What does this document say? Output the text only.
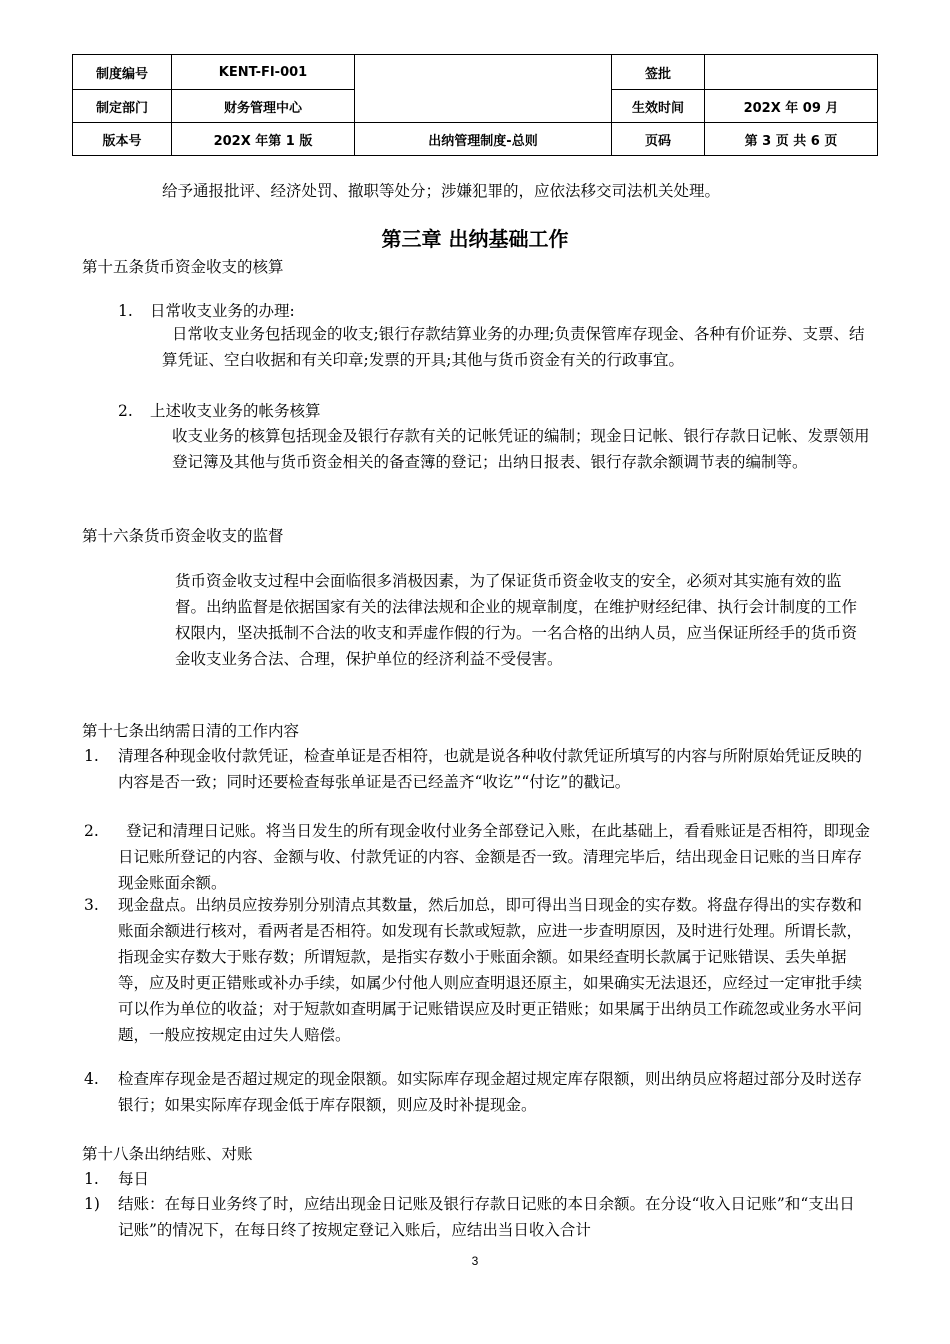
制度编号	KENT-FI-001		签批	
制定部门	财务管理中心		生效时间	202X 年 09 月
版本号	202X 年第 1 版	出纳管理制度-总则	页码	第 3 页 共 6 页

给予通报批评、经济处罚、撤职等处分；涉嫌犯罪的，应依法移交司法机关处理。

第三章 出纳基础工作

第十五条货币资金收支的核算

1. 日常收支业务的办理:

日常收支业务包括现金的收支;银行存款结算业务的办理;负责保管库存现金、各种有价证券、支票、结算凭证、空白收据和有关印章;发票的开具;其他与货币资金有关的行政事宜。

2. 上述收支业务的帐务核算

收支业务的核算包括现金及银行存款有关的记帐凭证的编制；现金日记帐、银行存款日记帐、发票领用登记簿及其他与货币资金相关的备查簿的登记；出纳日报表、银行存款余额调节表的编制等。

第十六条货币资金收支的监督

货币资金收支过程中会面临很多消极因素，为了保证货币资金收支的安全，必须对其实施有效的监督。出纳监督是依据国家有关的法律法规和企业的规章制度，在维护财经纪律、执行会计制度的工作权限内，坚决抵制不合法的收支和弄虚作假的行为。一名合格的出纳人员，应当保证所经手的货币资金收支业务合法、合理，保护单位的经济利益不受侵害。

第十七条出纳需日清的工作内容

1. 清理各种现金收付款凭证，检查单证是否相符，也就是说各种收付款凭证所填写的内容与所附原始凭证反映的内容是否一致；同时还要检查每张单证是否已经盖齐“收讫”“付讫”的戳记。

2.	登记和清理日记账。将当日发生的所有现金收付业务全部登记入账，在此基础上，看看账证是否相符，即现金日记账所登记的内容、金额与收、付款凭证的内容、金额是否一致。清理完毕后，结出现金日记账的当日库存现金账面余额。

3. 现金盘点。出纳员应按券别分别清点其数量，然后加总，即可得出当日现金的实存数。将盘存得出的实存数和账面余额进行核对，看两者是否相符。如发现有长款或短款，应进一步查明原因，及时进行处理。所谓长款，指现金实存数大于账存数；所谓短款，是指实存数小于账面余额。如果经查明长款属于记账错误、丢失单据等，应及时更正错账或补办手续，如属少付他人则应查明退还原主，如果确实无法退还，应经过一定审批手续可以作为单位的收益；对于短款如查明属于记账错误应及时更正错账；如果属于出纳员工作疏忽或业务水平问题，一般应按规定由过失人赔偿。

4. 检查库存现金是否超过规定的现金限额。如实际库存现金超过规定库存限额，则出纳员应将超过部分及时送存银行；如果实际库存现金低于库存限额，则应及时补提现金。

第十八条出纳结账、对账

1. 每日

1) 结账：在每日业务终了时，应结出现金日记账及银行存款日记账的本日余额。在分设“收入日记账”和“支出日记账”的情况下，在每日终了按规定登记入账后，应结出当日收入合计

3
